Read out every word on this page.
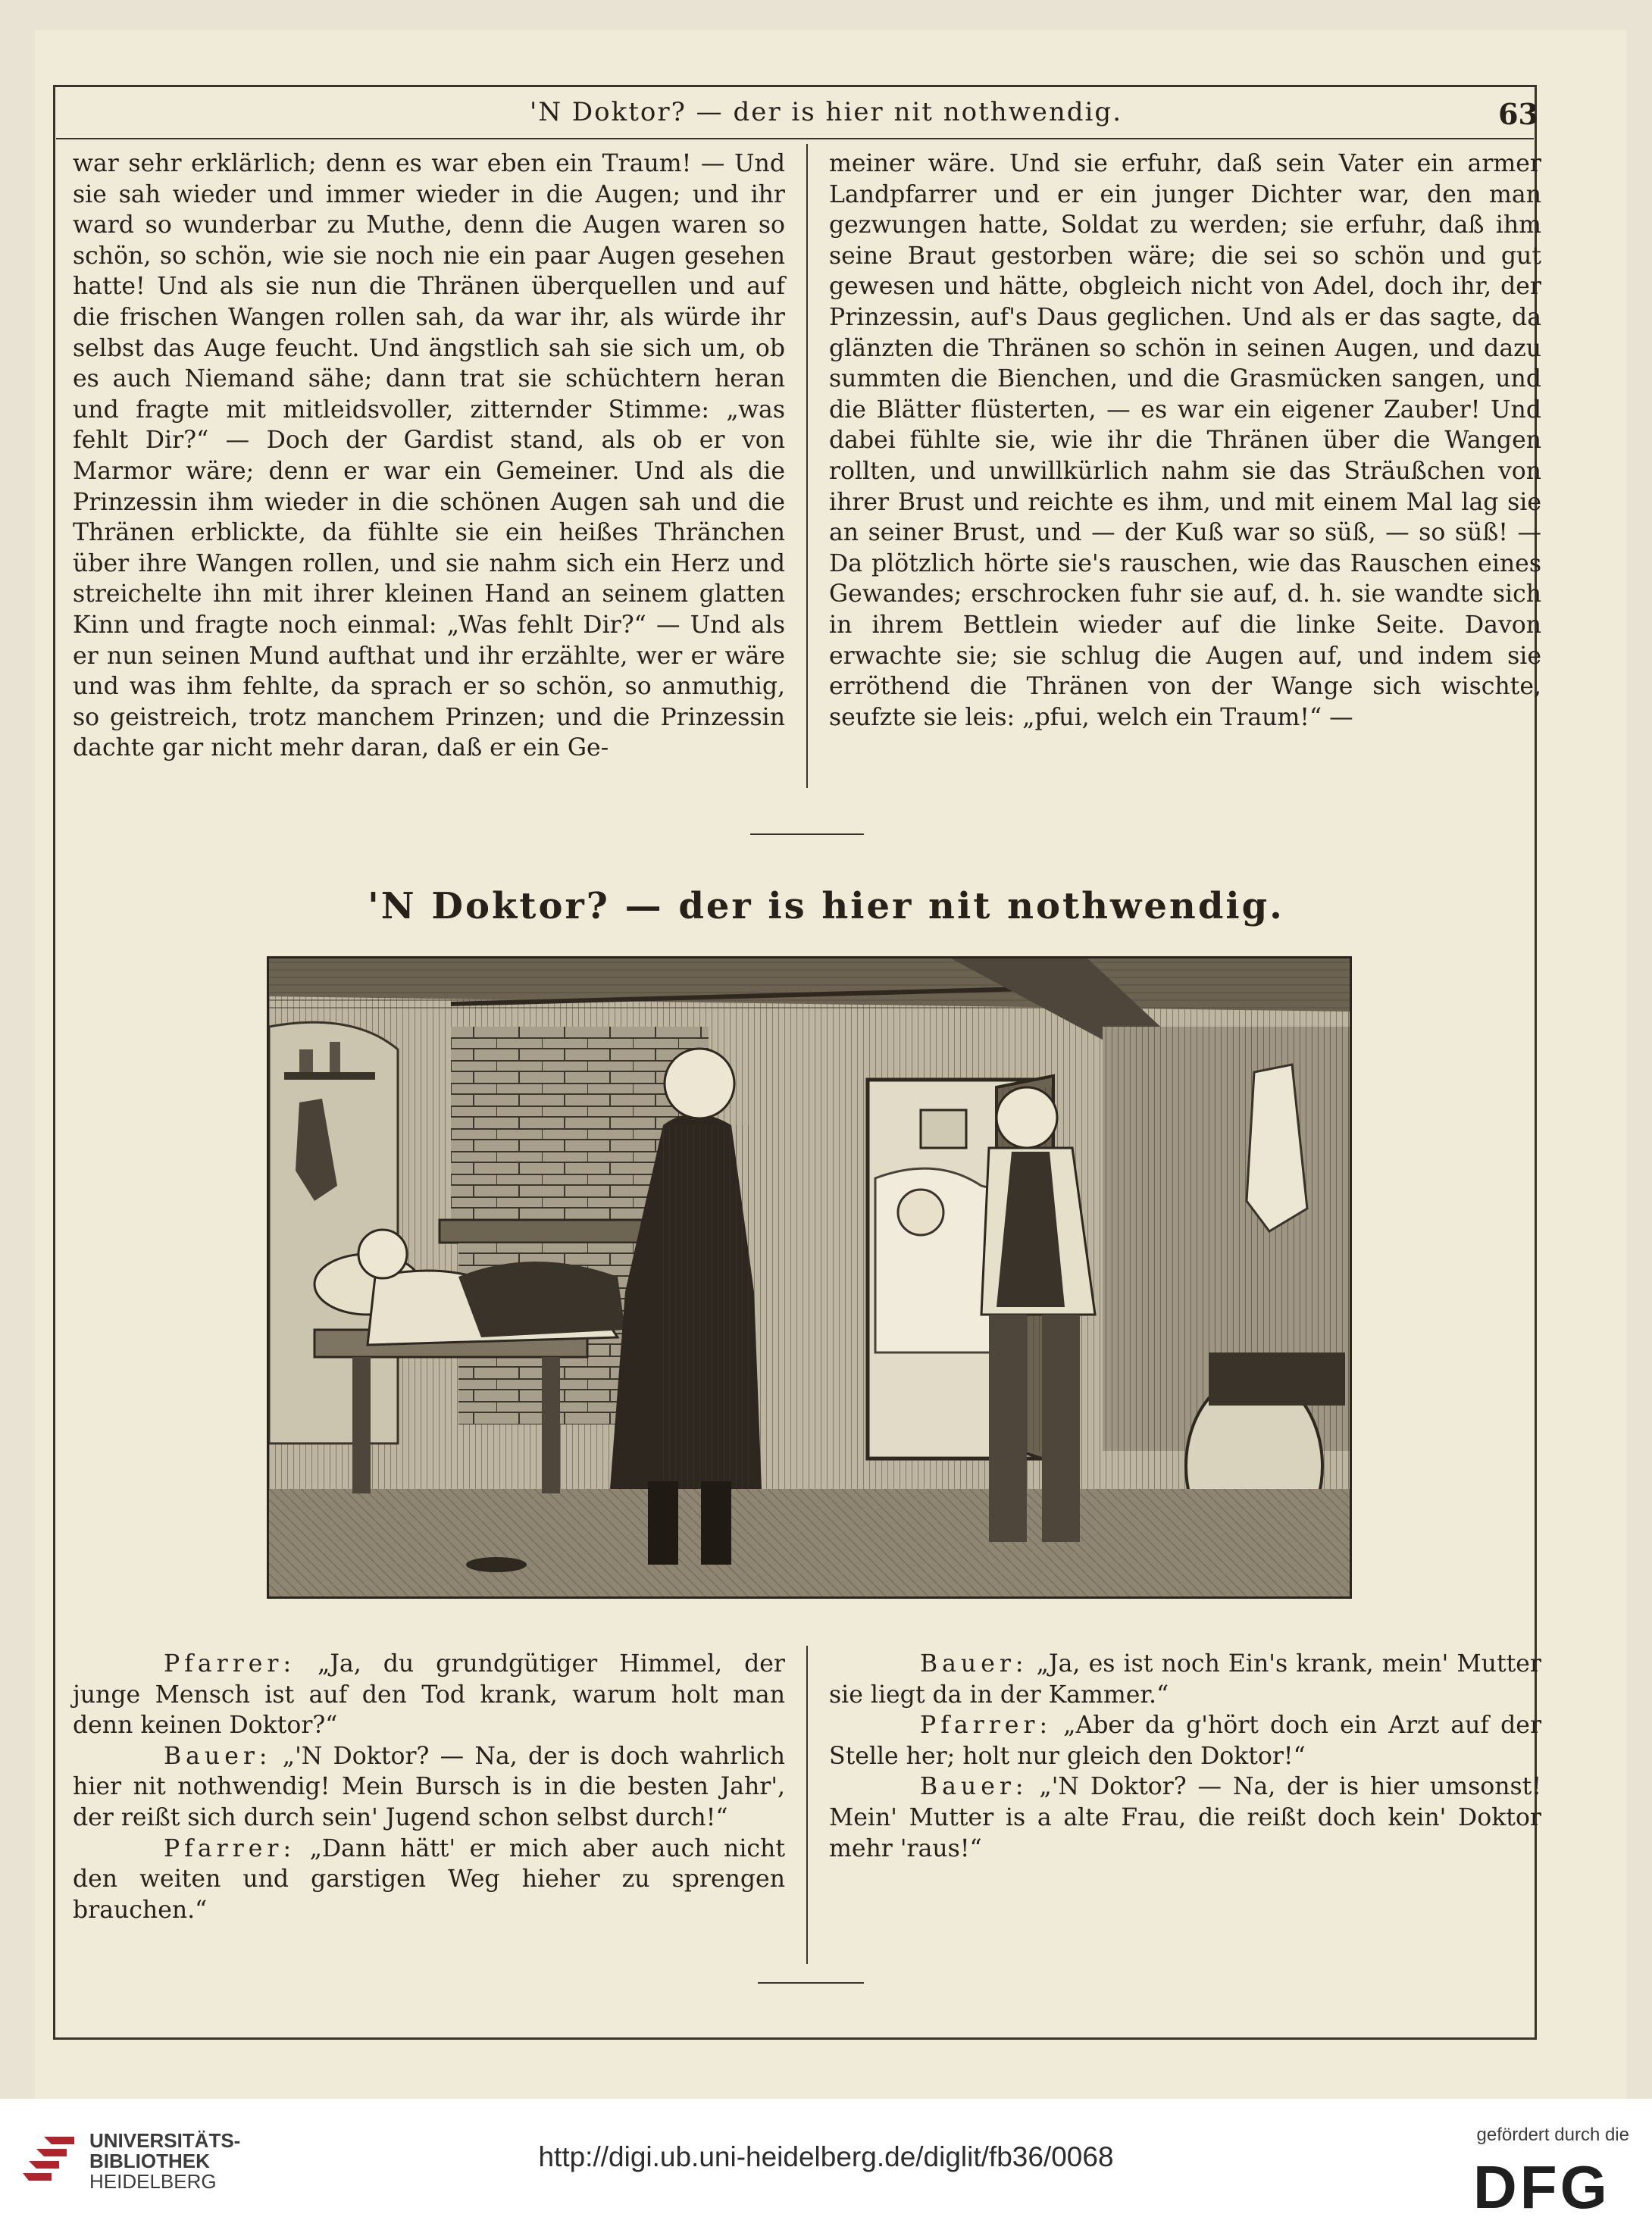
'N Doktor? — der is hier nit nothwendig.	63

war sehr erklärlich; denn es war eben ein Traum! — Und sie sah wieder und immer wieder in die Augen; und ihr ward so wunderbar zu Muthe, denn die Augen waren so schön, so schön, wie sie noch nie ein paar Augen gesehen hatte! Und als sie nun die Thränen überquellen und auf die frischen Wangen rollen sah, da war ihr, als würde ihr selbst das Auge feucht. Und ängstlich sah sie sich um, ob es auch Niemand sähe; dann trat sie schüchtern heran und fragte mit mitleidsvoller, zitternder Stimme: „was fehlt Dir?“ — Doch der Gardist stand, als ob er von Marmor wäre; denn er war ein Gemeiner. Und als die Prinzessin ihm wieder in die schönen Augen sah und die Thränen erblickte, da fühlte sie ein heißes Thränchen über ihre Wangen rollen, und sie nahm sich ein Herz und streichelte ihn mit ihrer kleinen Hand an seinem glatten Kinn und fragte noch einmal: „Was fehlt Dir?“ — Und als er nun seinen Mund aufthat und ihr erzählte, wer er wäre und was ihm fehlte, da sprach er so schön, so anmuthig, so geistreich, trotz manchem Prinzen; und die Prinzessin dachte gar nicht mehr daran, daß er ein Ge-

meiner wäre. Und sie erfuhr, daß sein Vater ein armer Landpfarrer und er ein junger Dichter war, den man gezwungen hatte, Soldat zu werden; sie erfuhr, daß ihm seine Braut gestorben wäre; die sei so schön und gut gewesen und hätte, obgleich nicht von Adel, doch ihr, der Prinzessin, auf's Daus geglichen. Und als er das sagte, da glänzten die Thränen so schön in seinen Augen, und dazu summten die Bienchen, und die Grasmücken sangen, und die Blätter flüsterten, — es war ein eigener Zauber! Und dabei fühlte sie, wie ihr die Thränen über die Wangen rollten, und unwillkürlich nahm sie das Sträußchen von ihrer Brust und reichte es ihm, und mit einem Mal lag sie an seiner Brust, und — der Kuß war so süß, — so süß! — Da plötzlich hörte sie's rauschen, wie das Rauschen eines Gewandes; erschrocken fuhr sie auf, d. h. sie wandte sich in ihrem Bettlein wieder auf die linke Seite. Davon erwachte sie; sie schlug die Augen auf, und indem sie erröthend die Thränen von der Wange sich wischte, seufzte sie leis: „pfui, welch ein Traum!“ —

'N Doktor? — der is hier nit nothwendig.

Pfarrer: „Ja, du grundgütiger Himmel, der junge Mensch ist auf den Tod krank, warum holt man denn keinen Doktor?“

Bauer: „'N Doktor? — Na, der is doch wahrlich hier nit nothwendig! Mein Bursch is in die besten Jahr', der reißt sich durch sein' Jugend schon selbst durch!“

Pfarrer: „Dann hätt' er mich aber auch nicht den weiten und garstigen Weg hieher zu sprengen brauchen.“

Bauer: „Ja, es ist noch Ein's krank, mein' Mutter sie liegt da in der Kammer.“

Pfarrer: „Aber da g'hört doch ein Arzt auf der Stelle her; holt nur gleich den Doktor!“

Bauer: „'N Doktor? — Na, der is hier umsonst! Mein' Mutter is a alte Frau, die reißt doch kein' Doktor mehr 'raus!“

UNIVERSITÄTS-
BIBLIOTHEK
HEIDELBERG
http://digi.ub.uni-heidelberg.de/diglit/fb36/0068
gefördert durch die
DFG
